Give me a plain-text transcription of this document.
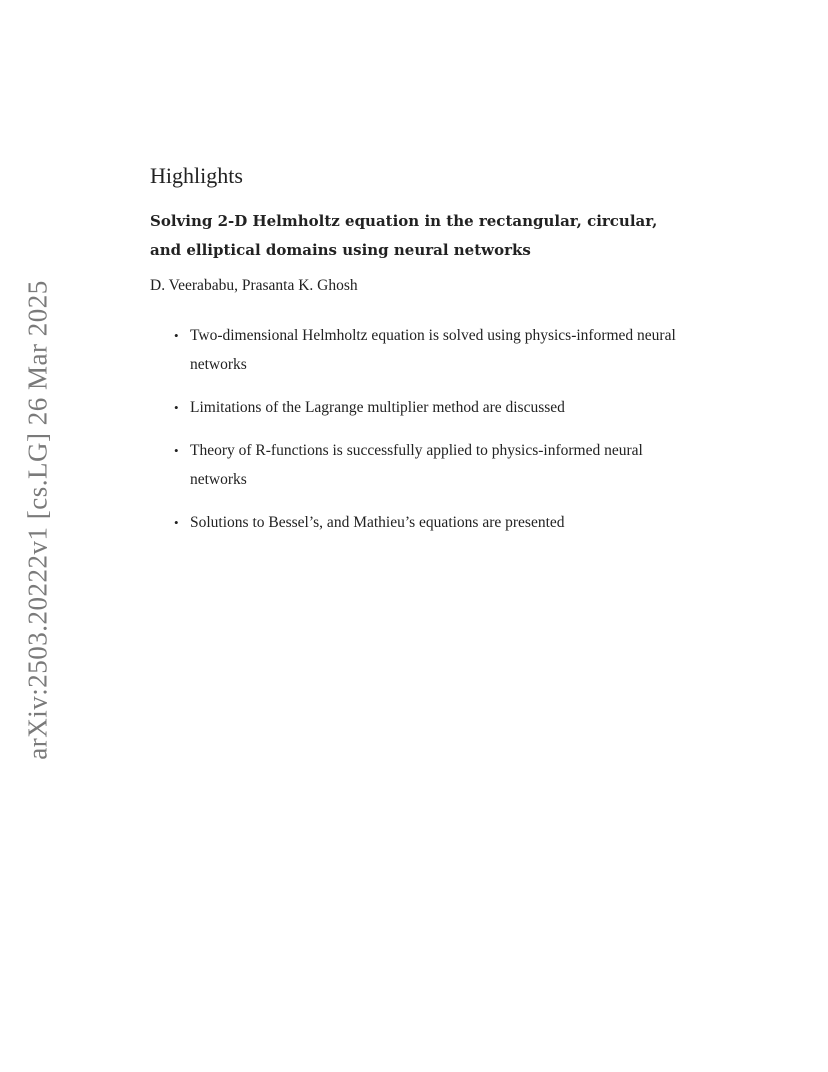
arXiv:2503.20222v1 [cs.LG] 26 Mar 2025
Highlights
Solving 2-D Helmholtz equation in the rectangular, circular, and elliptical domains using neural networks
D. Veerababu, Prasanta K. Ghosh
• Two-dimensional Helmholtz equation is solved using physics-informed neural networks
• Limitations of the Lagrange multiplier method are discussed
• Theory of R-functions is successfully applied to physics-informed neural networks
• Solutions to Bessel’s, and Mathieu’s equations are presented
